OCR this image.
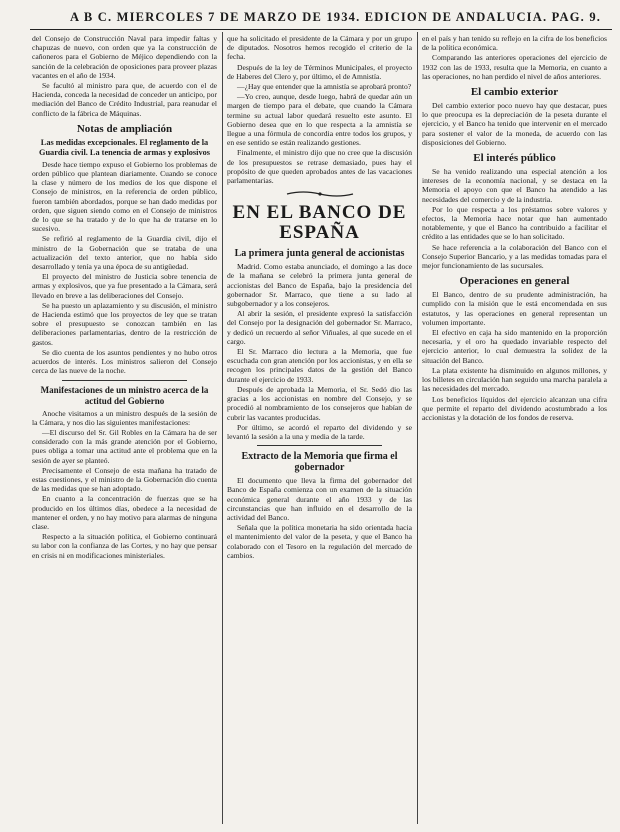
A B C. MIERCOLES 7 DE MARZO DE 1934. EDICION DE ANDALUCIA. PAG. 9.

del Consejo de Construcción Naval para impedir faltas y chapuzas de nuevo, con orden que ya la construcción de cañoneros para el Gobierno de Méjico dependiendo con la sanción de la celebración de oposiciones para proveer plazas vacantes en el año de 1934.

Se facultó al ministro para que, de acuerdo con el de Hacienda, conceda la necesidad de conceder un anticipo, por mediación del Banco de Crédito Industrial, para reanudar el conflicto de la fábrica de Máquinas.

Notas de ampliación
Las medidas excepcionales. El reglamento de la Guardia civil. La tenencia de armas y explosivos

Desde hace tiempo expuso el Gobierno los problemas de orden público que plantean diariamente. Cuando se conoce la clase y número de los medios de los que dispone el Consejo de ministros, en la referencia de orden público, fueron también abordados, porque se han dado medidas por orden, que siguen siendo como en el Consejo de ministros de lo que se ha tratado y de lo que ha de tratarse en lo sucesivo.

Se refirió al reglamento de la Guardia civil, dijo el ministro de la Gobernación que se trataba de una actualización del texto anterior, que no había sido desarrollado y tenía ya una época de su antigüedad.

El proyecto del ministro de Justicia sobre tenencia de armas y explosivos, que ya fue presentado a la Cámara, será llevado en breve a las deliberaciones del Consejo.

Se ha puesto un aplazamiento y su discusión, el ministro de Hacienda estimó que los proyectos de ley que se tratan sobre el presupuesto se conozcan también en las deliberaciones parlamentarias, dentro de la restricción de gastos.

Se dio cuenta de los asuntos pendientes y no hubo otros acuerdos de interés. Los ministros salieron del Consejo cerca de las nueve de la noche.

Manifestaciones de un ministro acerca de la actitud del Gobierno

Anoche visitamos a un ministro después de la sesión de la Cámara, y nos dio las siguientes manifestaciones:

—El discurso del Sr. Gil Robles en la Cámara ha de ser considerado con la más grande atención por el Gobierno, pues obliga a tomar una actitud ante el problema que en la sesión de ayer se planteó.

Precisamente el Consejo de esta mañana ha tratado de estas cuestiones, y el ministro de la Gobernación dio cuenta de las medidas que se han adoptado.

En cuanto a la concentración de fuerzas que se ha producido en los últimos días, obedece a la necesidad de mantener el orden, y no hay motivo para alarmas de ninguna clase.

Respecto a la situación política, el Gobierno continuará su labor con la confianza de las Cortes, y no hay que pensar en crisis ni en modificaciones ministeriales.

que ha solicitado el presidente de la Cámara y por un grupo de diputados. Nosotros hemos recogido el criterio de la fecha.

Después de la ley de Términos Municipales, el proyecto de Haberes del Clero y, por último, el de Amnistía.

—¿Hay que entender que la amnistía se aprobará pronto?

—Yo creo, aunque, desde luego, habrá de quedar aún un margen de tiempo para el debate, que cuando la Cámara termine su actual labor quedará resuelto este asunto. El Gobierno desea que en lo que respecta a la amnistía se llegue a una fórmula de concordia entre todos los grupos, y en ese sentido se están realizando gestiones.

Finalmente, el ministro dijo que no cree que la discusión de los presupuestos se retrase demasiado, pues hay el propósito de que queden aprobados antes de las vacaciones parlamentarias.

EN EL BANCO DE ESPAÑA
La primera junta general de accionistas

Madrid. Como estaba anunciado, el domingo a las doce de la mañana se celebró la primera junta general de accionistas del Banco de España, bajo la presidencia del gobernador Sr. Marraco, que tiene a su lado al subgobernador y a los consejeros.

Al abrir la sesión, el presidente expresó la satisfacción del Consejo por la designación del gobernador Sr. Marraco, y dedicó un recuerdo al señor Viñuales, al que sucede en el cargo.

El Sr. Marraco dio lectura a la Memoria, que fue escuchada con gran atención por los accionistas, y en ella se recogen los principales datos de la gestión del Banco durante el ejercicio de 1933.

Después de aprobada la Memoria, el Sr. Sedó dio las gracias a los accionistas en nombre del Consejo, y se procedió al nombramiento de los consejeros que habían de cubrir las vacantes producidas.

Por último, se acordó el reparto del dividendo y se levantó la sesión a la una y media de la tarde.

Extracto de la Memoria que firma el gobernador

El documento que lleva la firma del gobernador del Banco de España comienza con un examen de la situación económica general durante el año 1933 y de las circunstancias que han influido en el desarrollo de la actividad del Banco.

Señala que la política monetaria ha sido orientada hacia el mantenimiento del valor de la peseta, y que el Banco ha colaborado con el Tesoro en la regulación del mercado de cambios.

en el país y han tenido su reflejo en la cifra de los beneficios de la política económica.

Comparando las anteriores operaciones del ejercicio de 1932 con las de 1933, resulta que la Memoria, en cuanto a las operaciones, no han perdido el nivel de años anteriores.

El cambio exterior

Del cambio exterior poco nuevo hay que destacar, pues lo que preocupa es la depreciación de la peseta durante el ejercicio, y el Banco ha tenido que intervenir en el mercado para sostener el valor de la moneda, de acuerdo con las disposiciones del Gobierno.

El interés público

Se ha venido realizando una especial atención a los intereses de la economía nacional, y se destaca en la Memoria el apoyo con que el Banco ha atendido a las necesidades del comercio y de la industria.

Por lo que respecta a los préstamos sobre valores y efectos, la Memoria hace notar que han aumentado notablemente, y que el Banco ha contribuido a facilitar el crédito a las entidades que se lo han solicitado.

Se hace referencia a la colaboración del Banco con el Consejo Superior Bancario, y a las medidas tomadas para el mejor funcionamiento de las sucursales.

Operaciones en general

El Banco, dentro de su prudente administración, ha cumplido con la misión que le está encomendada en sus estatutos, y las operaciones en general representan un volumen importante.

El efectivo en caja ha sido mantenido en la proporción necesaria, y el oro ha quedado invariable respecto del ejercicio anterior, lo cual demuestra la solidez de la situación del Banco.

La plata existente ha disminuido en algunos millones, y los billetes en circulación han seguido una marcha paralela a las necesidades del mercado.

Los beneficios líquidos del ejercicio alcanzan una cifra que permite el reparto del dividendo acostumbrado a los accionistas y la dotación de los fondos de reserva.
